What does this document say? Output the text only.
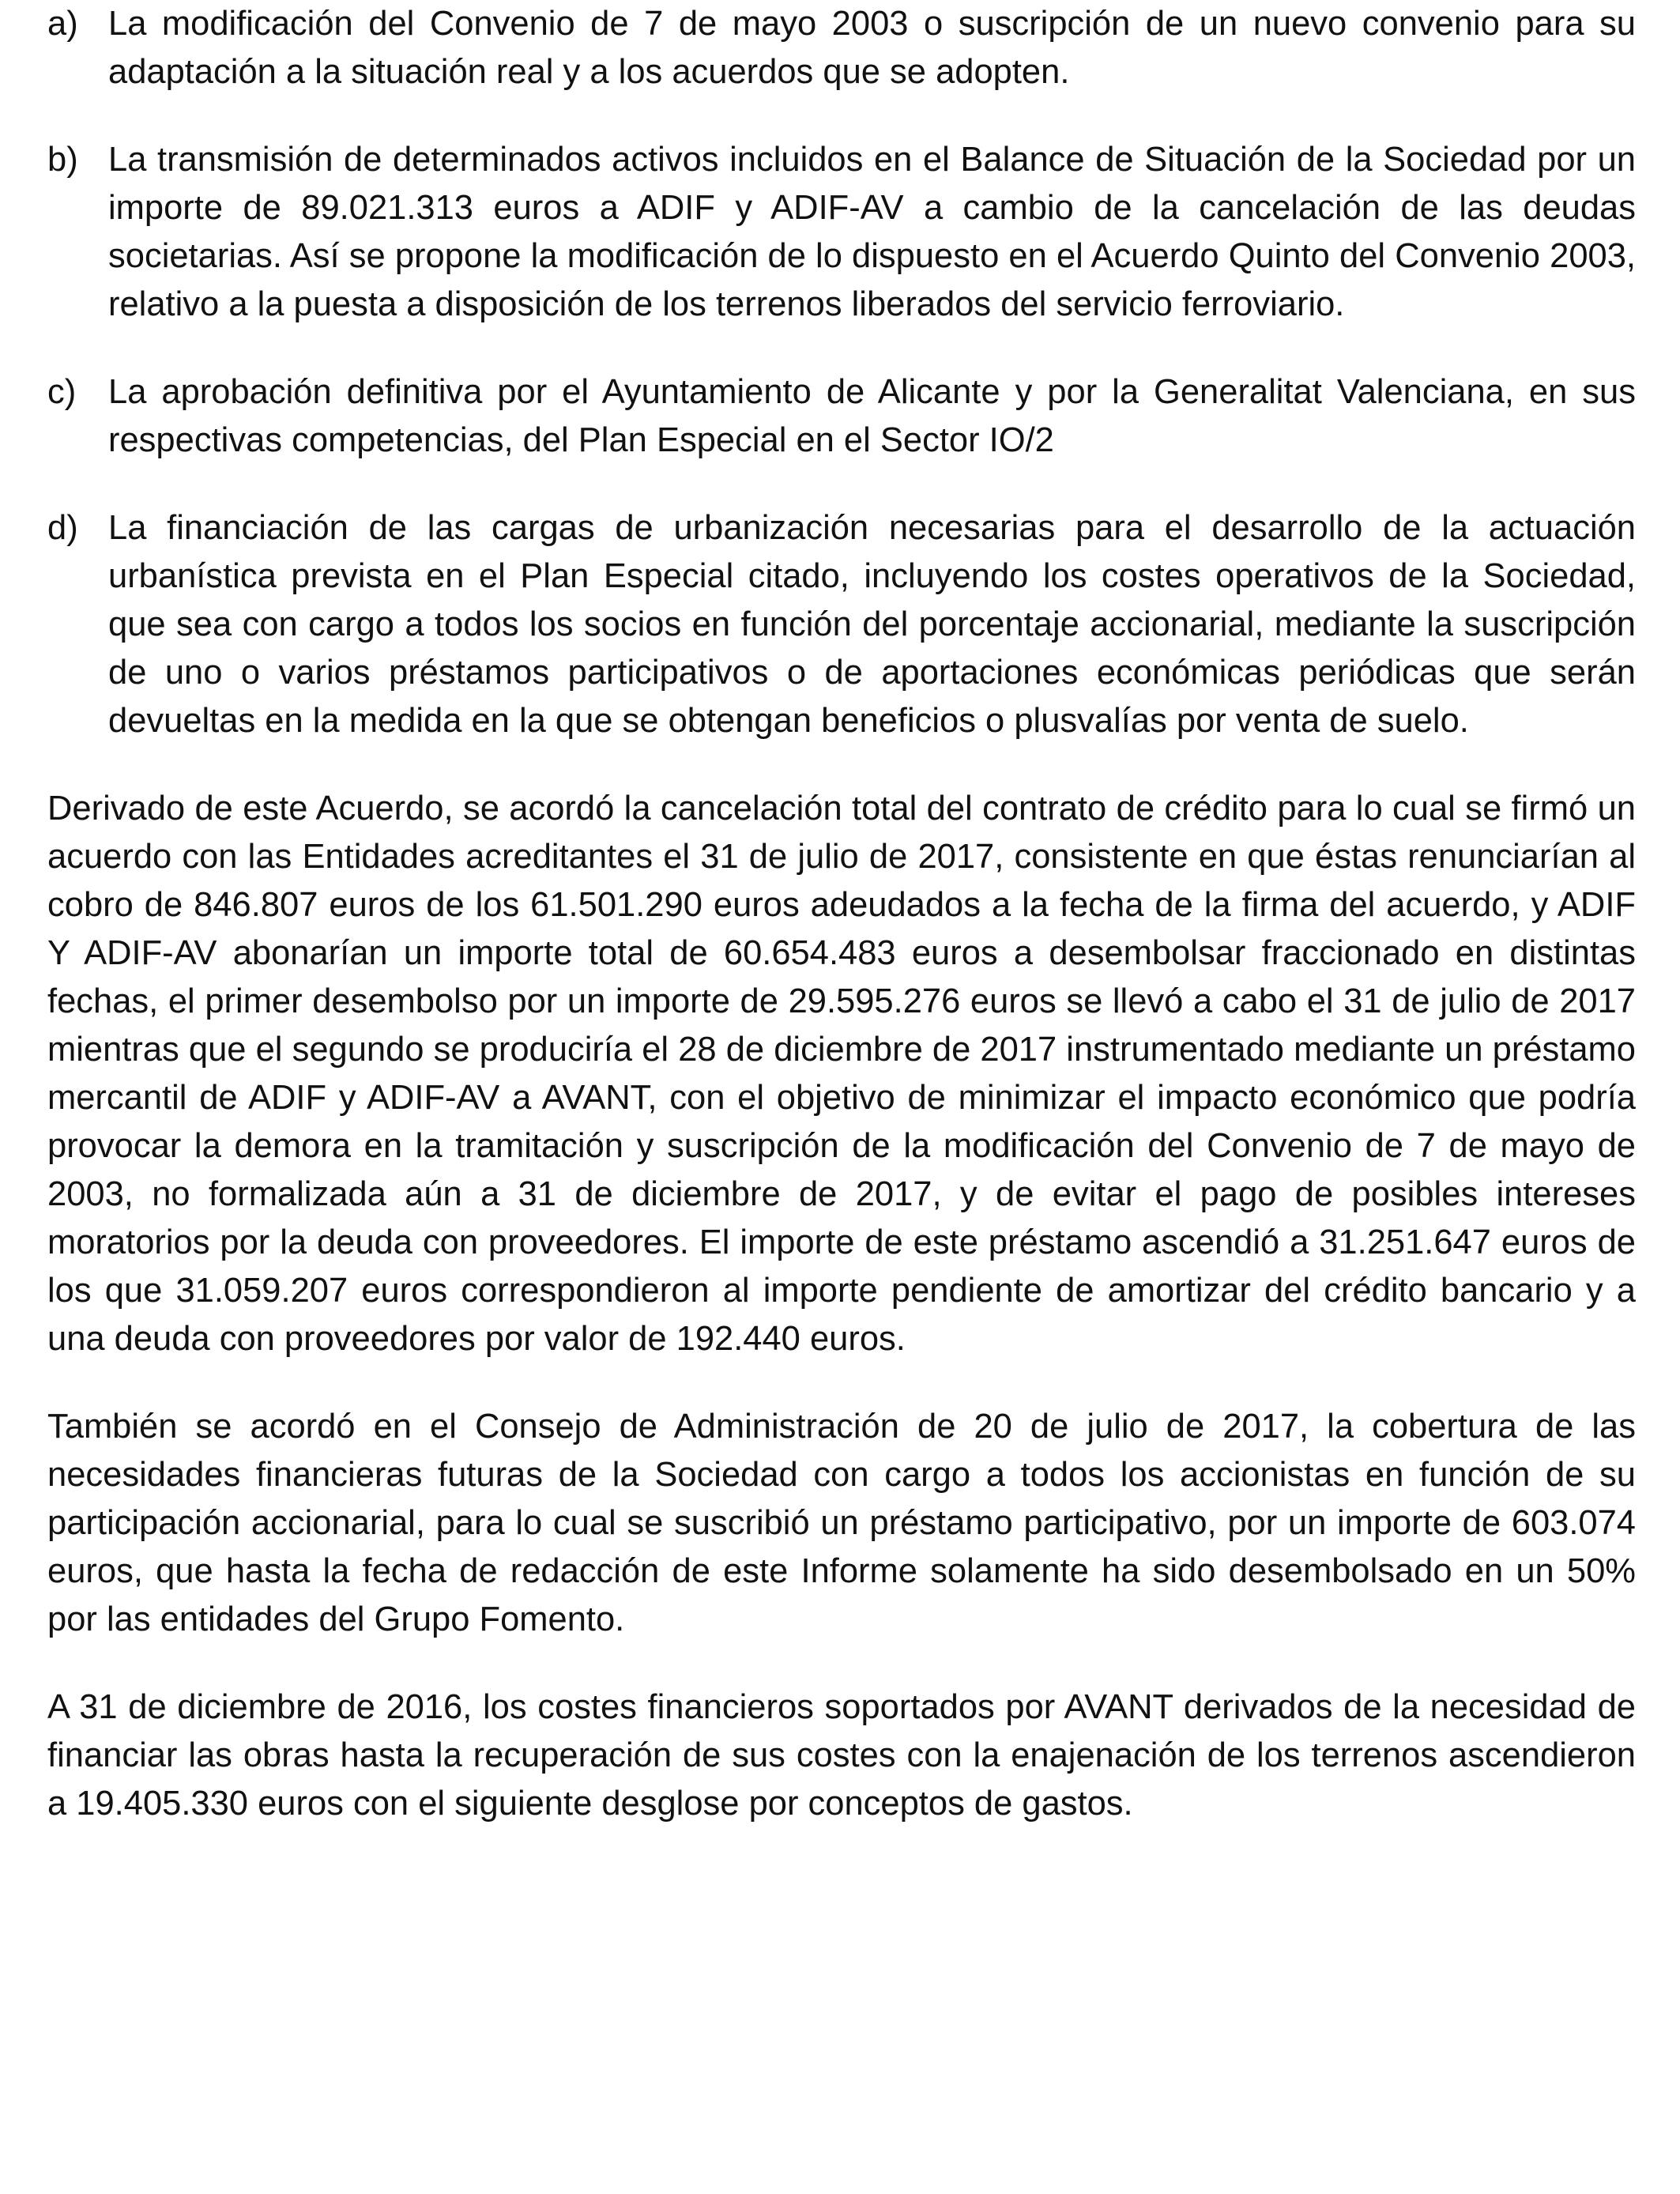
a) La modificación del Convenio de 7 de mayo 2003 o suscripción de un nuevo convenio para su adaptación a la situación real y a los acuerdos que se adopten.
b) La transmisión de determinados activos incluidos en el Balance de Situación de la Sociedad por un importe de 89.021.313 euros a ADIF y ADIF-AV a cambio de la cancelación de las deudas societarias. Así se propone la modificación de lo dispuesto en el Acuerdo Quinto del Convenio 2003, relativo a la puesta a disposición de los terrenos liberados del servicio ferroviario.
c) La aprobación definitiva por el Ayuntamiento de Alicante y por la Generalitat Valenciana, en sus respectivas competencias, del Plan Especial en el Sector IO/2
d) La financiación de las cargas de urbanización necesarias para el desarrollo de la actuación urbanística prevista en el Plan Especial citado, incluyendo los costes operativos de la Sociedad, que sea con cargo a todos los socios en función del porcentaje accionarial, mediante la suscripción de uno o varios préstamos participativos o de aportaciones económicas periódicas que serán devueltas en la medida en la que se obtengan beneficios o plusvalías por venta de suelo.

Derivado de este Acuerdo, se acordó la cancelación total del contrato de crédito para lo cual se firmó un acuerdo con las Entidades acreditantes el 31 de julio de 2017, consistente en que éstas renunciarían al cobro de 846.807 euros de los 61.501.290 euros adeudados a la fecha de la firma del acuerdo, y ADIF Y ADIF-AV abonarían un importe total de 60.654.483 euros a desembolsar fraccionado en distintas fechas, el primer desembolso por un importe de 29.595.276 euros se llevó a cabo el 31 de julio de 2017 mientras que el segundo se produciría el 28 de diciembre de 2017 instrumentado mediante un préstamo mercantil de ADIF y ADIF-AV a AVANT, con el objetivo de minimizar el impacto económico que podría provocar la demora en la tramitación y suscripción de la modificación del Convenio de 7 de mayo de 2003, no formalizada aún a 31 de diciembre de 2017, y de evitar el pago de posibles intereses moratorios por la deuda con proveedores. El importe de este préstamo ascendió a 31.251.647 euros de los que 31.059.207 euros correspondieron al importe pendiente de amortizar del crédito bancario y a una deuda con proveedores por valor de 192.440 euros.

También se acordó en el Consejo de Administración de 20 de julio de 2017, la cobertura de las necesidades financieras futuras de la Sociedad con cargo a todos los accionistas en función de su participación accionarial, para lo cual se suscribió un préstamo participativo, por un importe de 603.074 euros, que hasta la fecha de redacción de este Informe solamente ha sido desembolsado en un 50% por las entidades del Grupo Fomento.

A 31 de diciembre de 2016, los costes financieros soportados por AVANT derivados de la necesidad de financiar las obras hasta la recuperación de sus costes con la enajenación de los terrenos ascendieron a 19.405.330 euros con el siguiente desglose por conceptos de gastos.
